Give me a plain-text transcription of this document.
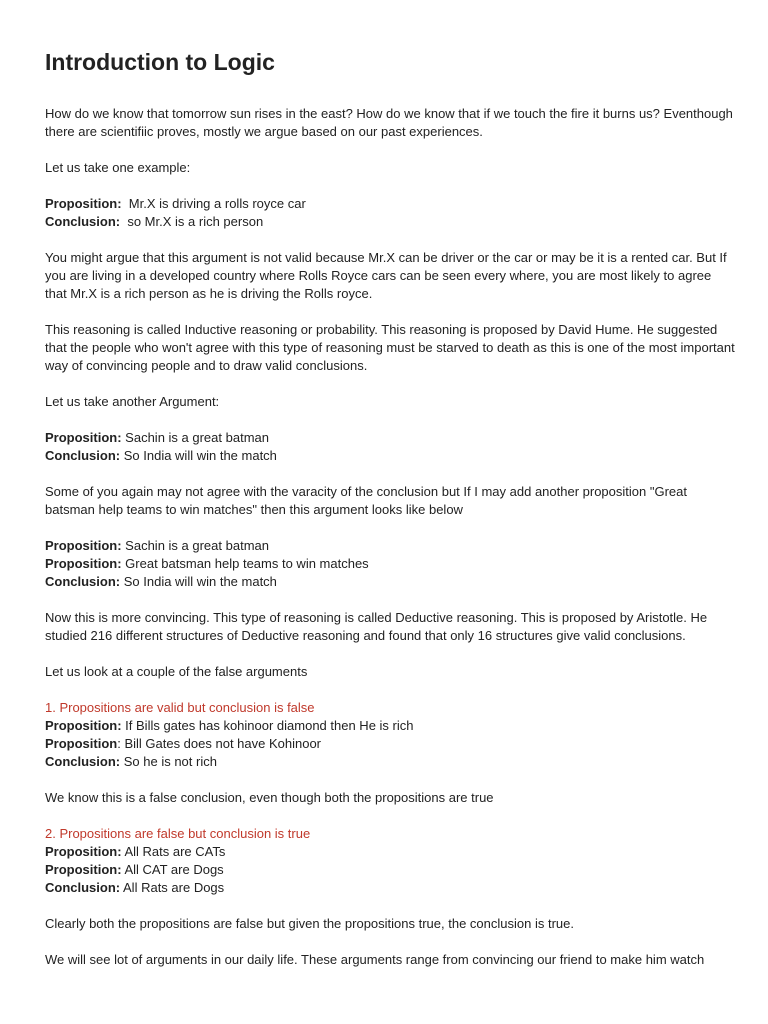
Introduction to Logic

How do we know that tomorrow sun rises in the east? How do we know that if we touch the fire it burns us? Eventhough there are scientifiic proves, mostly we argue based on our past experiences.

Let us take one example:

Proposition: Mr.X is driving a rolls royce car
Conclusion: so Mr.X is a rich person

You might argue that this argument is not valid because Mr.X can be driver or the car or may be it is a rented car. But If you are living in a developed country where Rolls Royce cars can be seen every where, you are most likely to agree that Mr.X is a rich person as he is driving the Rolls royce.

This reasoning is called Inductive reasoning or probability. This reasoning is proposed by David Hume. He suggested that the people who won't agree with this type of reasoning must be starved to death as this is one of the most important way of convincing people and to draw valid conclusions.

Let us take another Argument:

Proposition: Sachin is a great batman
Conclusion: So India will win the match

Some of you again may not agree with the varacity of the conclusion but If I may add another proposition "Great batsman help teams to win matches" then this argument looks like below

Proposition: Sachin is a great batman
Proposition: Great batsman help teams to win matches
Conclusion: So India will win the match

Now this is more convincing. This type of reasoning is called Deductive reasoning. This is proposed by Aristotle. He studied 216 different structures of Deductive reasoning and found that only 16 structures give valid conclusions.

Let us look at a couple of the false arguments

1. Propositions are valid but conclusion is false
Proposition: If Bills gates has kohinoor diamond then He is rich
Proposition: Bill Gates does not have Kohinoor
Conclusion: So he is not rich

We know this is a false conclusion, even though both the propositions are true

2. Propositions are false but conclusion is true
Proposition: All Rats are CATs
Proposition: All CAT are Dogs
Conclusion: All Rats are Dogs

Clearly both the propositions are false but given the propositions true, the conclusion is true.

We will see lot of arguments in our daily life. These arguments range from convincing our friend to make him watch
